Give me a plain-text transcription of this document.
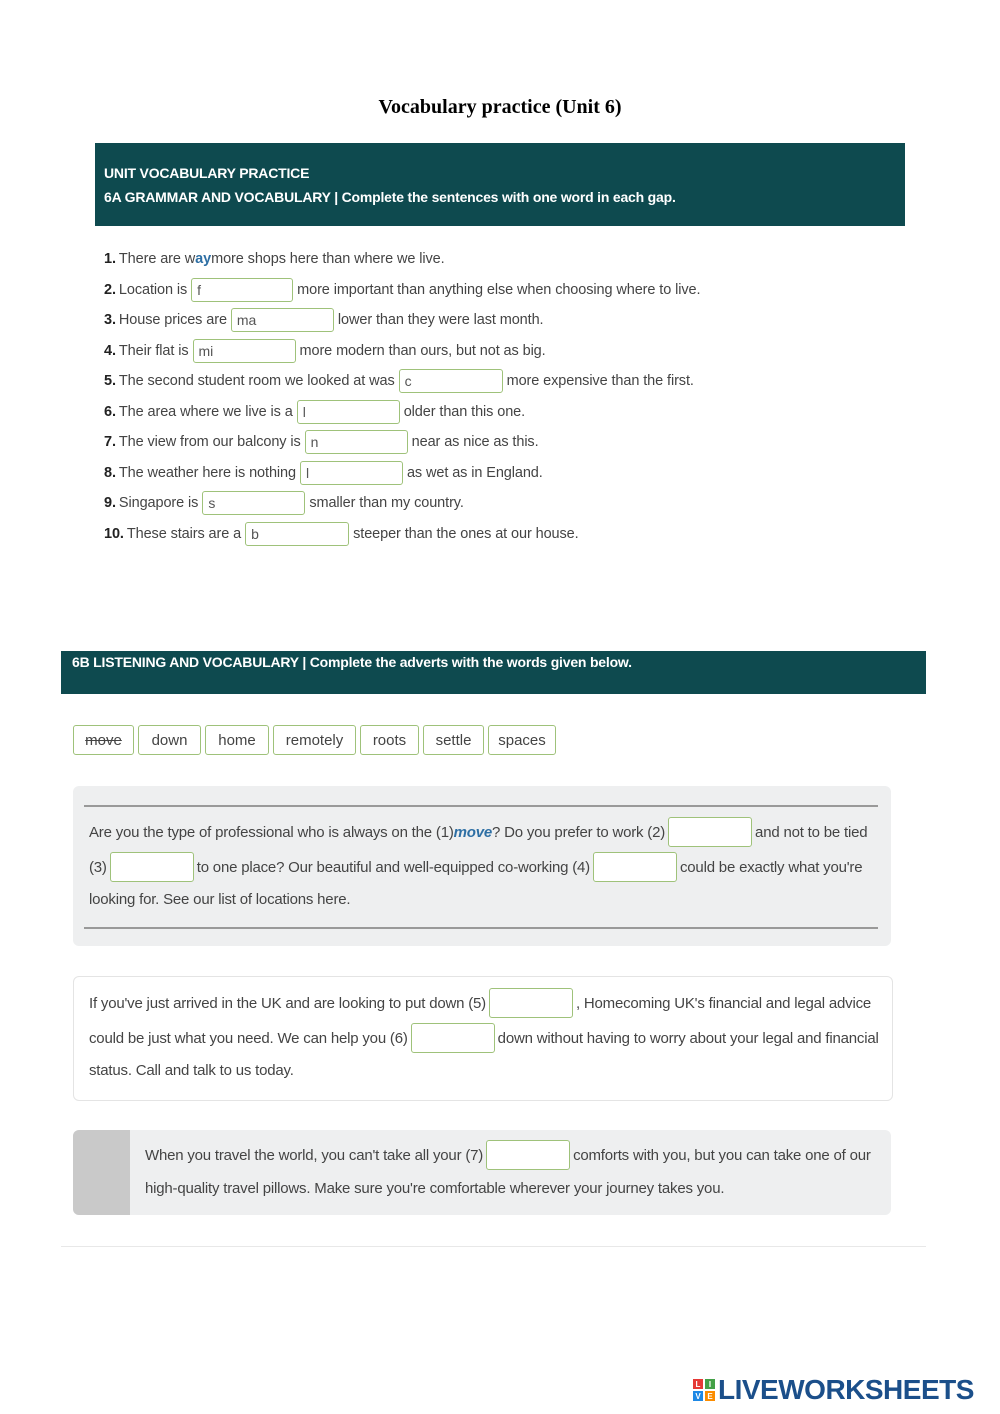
Vocabulary practice (Unit 6)
UNIT VOCABULARY PRACTICE
6A GRAMMAR AND VOCABULARY | Complete the sentences with one word in each gap.
1. There are w ay more shops here than where we live.
2. Location is f	more important than anything else when choosing where to live.
3. House prices are ma	lower than they were last month.
4. Their flat is mi	more modern than ours, but not as big.
5. The second student room we looked at was c	more expensive than the first.
6. The area where we live is a l	older than this one.
7. The view from our balcony is n	near as nice as this.
8. The weather here is nothing l	as wet as in England.
9. Singapore is s	smaller than my country.
10. These stairs are a b	steeper than the ones at our house.
6B LISTENING AND VOCABULARY | Complete the adverts with the words given below.
move	down	home	remotely	roots	settle	spaces
Are you the type of professional who is always on the (1) move ? Do you prefer to work (2)	and not to be tied
(3)	to one place? Our beautiful and well-equipped co-working (4)	could be exactly what you're
looking for. See our list of locations here.
If you've just arrived in the UK and are looking to put down (5)	, Homecoming UK's financial and legal advice
could be just what you need. We can help you (6)	down without having to worry about your legal and financial
status. Call and talk to us today.
When you travel the world, you can't take all your (7)	comforts with you, but you can take one of our
high-quality travel pillows. Make sure you're comfortable wherever your journey takes you.
L	I
V E LIVEWORKSHEETS
